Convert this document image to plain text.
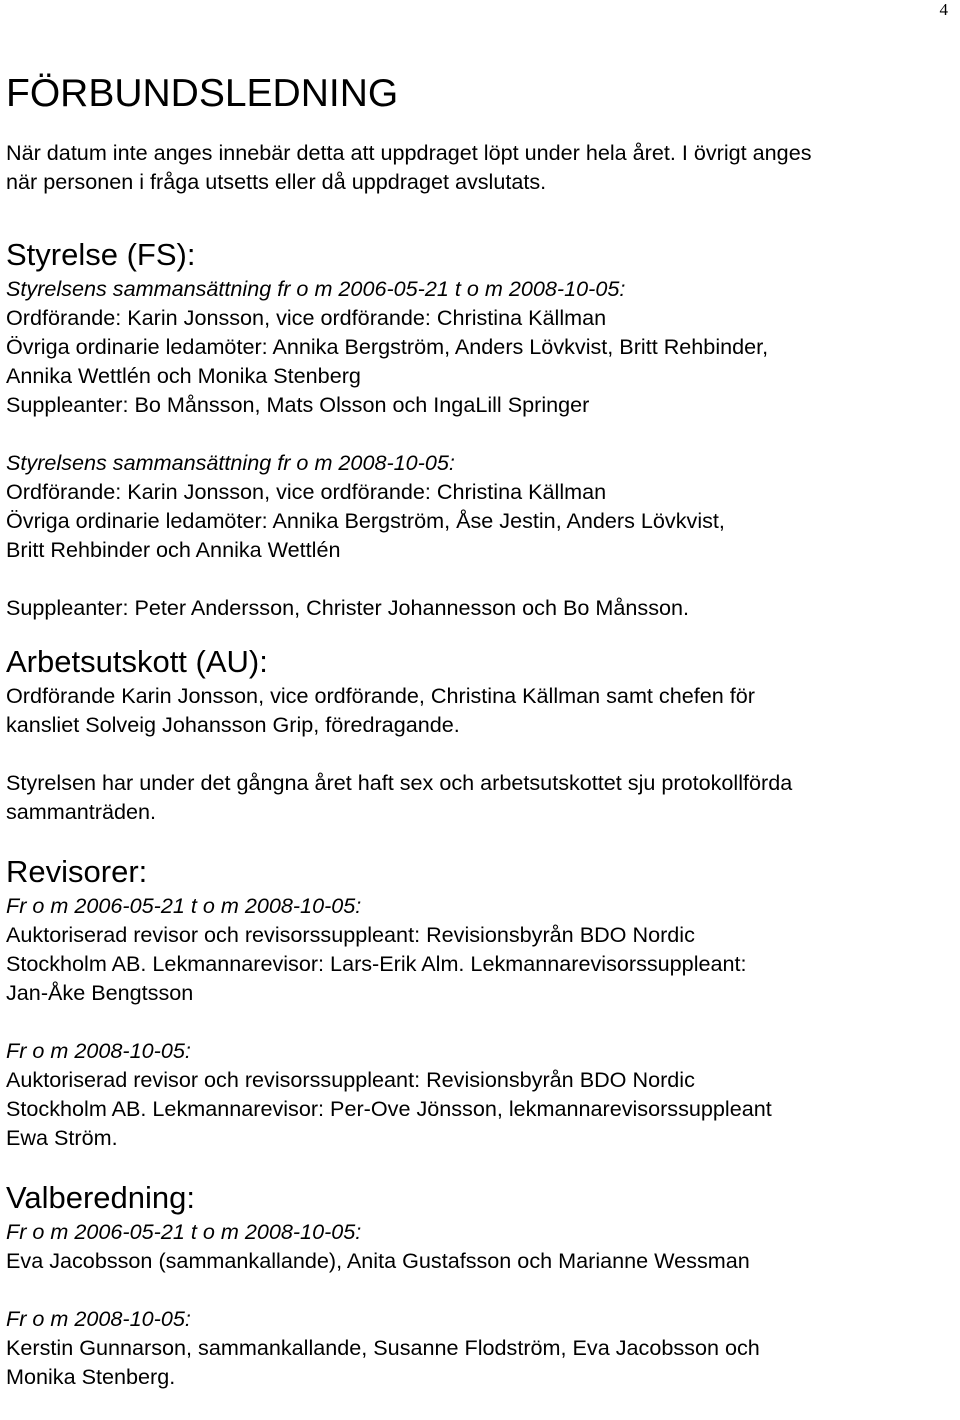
4
FÖRBUNDSLEDNING

När datum inte anges innebär detta att uppdraget löpt under hela året. I övrigt anges

när personen i fråga utsetts eller då uppdraget avslutats.

Styrelse (FS):

Styrelsens sammansättning fr o m 2006-05-21 t o m 2008-10-05:

Ordförande: Karin Jonsson, vice ordförande: Christina Källman

Övriga ordinarie ledamöter: Annika Bergström, Anders Lövkvist, Britt Rehbinder,

Annika Wettlén och Monika Stenberg

Suppleanter: Bo Månsson, Mats Olsson och IngaLill Springer

Styrelsens sammansättning fr o m 2008-10-05:

Ordförande: Karin Jonsson, vice ordförande: Christina Källman

Övriga ordinarie ledamöter: Annika Bergström, Åse Jestin, Anders Lövkvist,

Britt Rehbinder och Annika Wettlén

Suppleanter: Peter Andersson, Christer Johannesson och Bo Månsson.

Arbetsutskott (AU):

Ordförande Karin Jonsson, vice ordförande, Christina Källman samt chefen för

kansliet Solveig Johansson Grip, föredragande.

Styrelsen har under det gångna året haft sex och arbetsutskottet sju protokollförda

sammanträden.

Revisorer:

Fr o m 2006-05-21 t o m 2008-10-05:

Auktoriserad revisor och revisorssuppleant: Revisionsbyrån BDO Nordic

Stockholm AB. Lekmannarevisor: Lars-Erik Alm. Lekmannarevisorssuppleant:

Jan-Åke Bengtsson

Fr o m 2008-10-05:

Auktoriserad revisor och revisorssuppleant: Revisionsbyrån BDO Nordic

Stockholm AB. Lekmannarevisor: Per-Ove Jönsson, lekmannarevisorssuppleant

Ewa Ström.

Valberedning:

Fr o m 2006-05-21 t o m 2008-10-05:

Eva Jacobsson (sammankallande), Anita Gustafsson och Marianne Wessman

Fr o m 2008-10-05:

Kerstin Gunnarson, sammankallande, Susanne Flodström, Eva Jacobsson och

Monika Stenberg.
